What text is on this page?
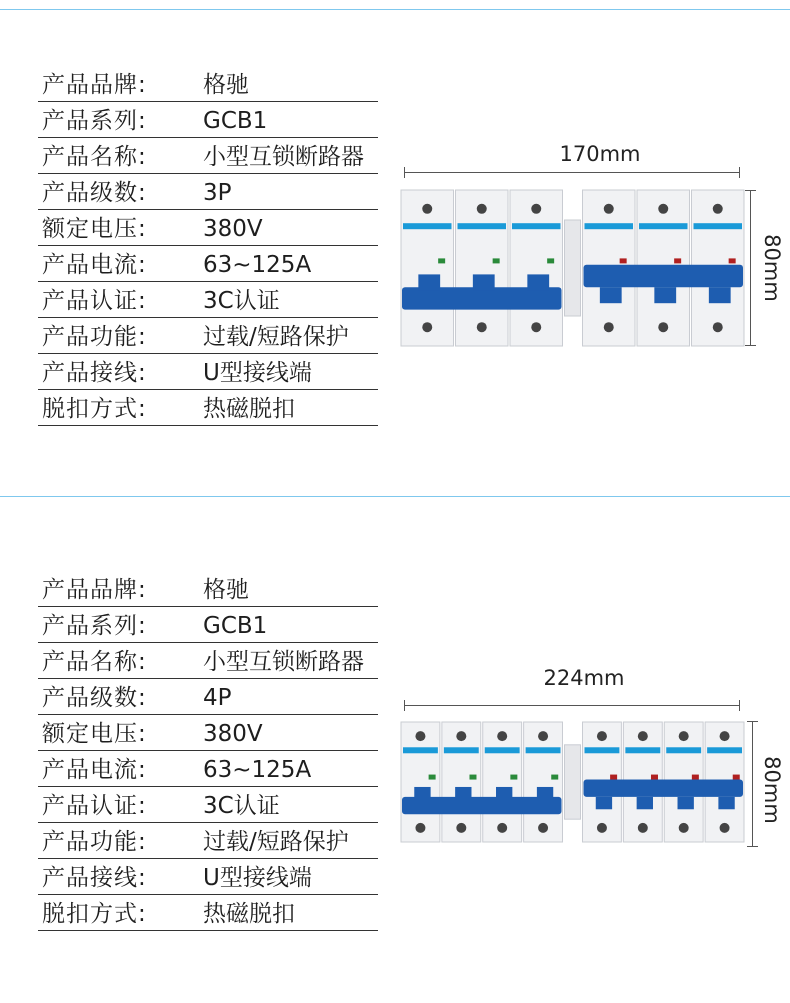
产品品牌: 格驰
产品系列: GCB1
产品名称: 小型互锁断路器
产品级数: 3P
额定电压: 380V
产品电流: 63~125A
产品认证: 3C认证
产品功能: 过载/短路保护
产品接线: U型接线端
脱扣方式: 热磁脱扣
170mm
80mm
产品品牌: 格驰
产品系列: GCB1
产品名称: 小型互锁断路器
产品级数: 4P
额定电压: 380V
产品电流: 63~125A
产品认证: 3C认证
产品功能: 过载/短路保护
产品接线: U型接线端
脱扣方式: 热磁脱扣
224mm
80mm
